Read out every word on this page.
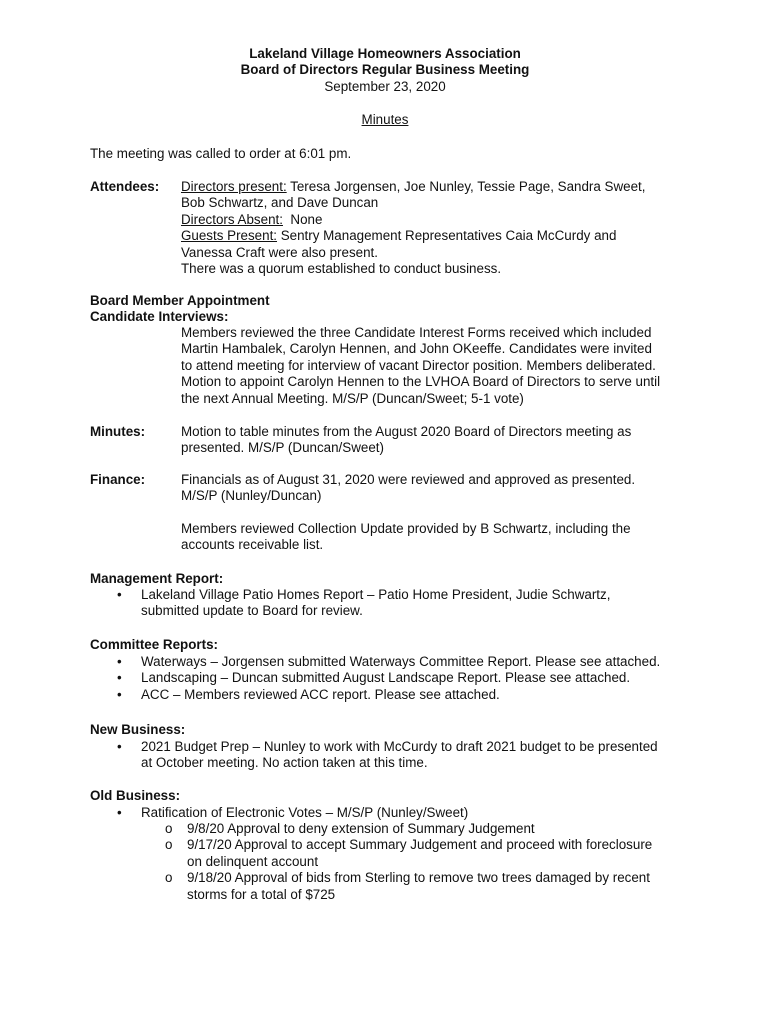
Lakeland Village Homeowners Association
Board of Directors Regular Business Meeting
September 23, 2020
Minutes
The meeting was called to order at 6:01 pm.
Attendees: Directors present: Teresa Jorgensen, Joe Nunley, Tessie Page, Sandra Sweet,
Bob Schwartz, and Dave Duncan
Directors Absent:  None
Guests Present: Sentry Management Representatives Caia McCurdy and
Vanessa Craft were also present.
There was a quorum established to conduct business.
Board Member Appointment
Candidate Interviews:
Members reviewed the three Candidate Interest Forms received which included
Martin Hambalek, Carolyn Hennen, and John OKeeffe. Candidates were invited
to attend meeting for interview of vacant Director position. Members deliberated.
Motion to appoint Carolyn Hennen to the LVHOA Board of Directors to serve until
the next Annual Meeting. M/S/P (Duncan/Sweet; 5-1 vote)
Minutes:	Motion to table minutes from the August 2020 Board of Directors meeting as
presented. M/S/P (Duncan/Sweet)
Finance:	Financials as of August 31, 2020 were reviewed and approved as presented.
M/S/P (Nunley/Duncan)
Members reviewed Collection Update provided by B Schwartz, including the
accounts receivable list.
Management Report:
• Lakeland Village Patio Homes Report – Patio Home President, Judie Schwartz,
submitted update to Board for review.
Committee Reports:
• Waterways – Jorgensen submitted Waterways Committee Report. Please see attached.
• Landscaping – Duncan submitted August Landscape Report. Please see attached.
• ACC – Members reviewed ACC report. Please see attached.
New Business:
• 2021 Budget Prep – Nunley to work with McCurdy to draft 2021 budget to be presented
at October meeting. No action taken at this time.
Old Business:
• Ratification of Electronic Votes – M/S/P (Nunley/Sweet)
o 9/8/20 Approval to deny extension of Summary Judgement
o 9/17/20 Approval to accept Summary Judgement and proceed with foreclosure
on delinquent account
o 9/18/20 Approval of bids from Sterling to remove two trees damaged by recent
storms for a total of $725
